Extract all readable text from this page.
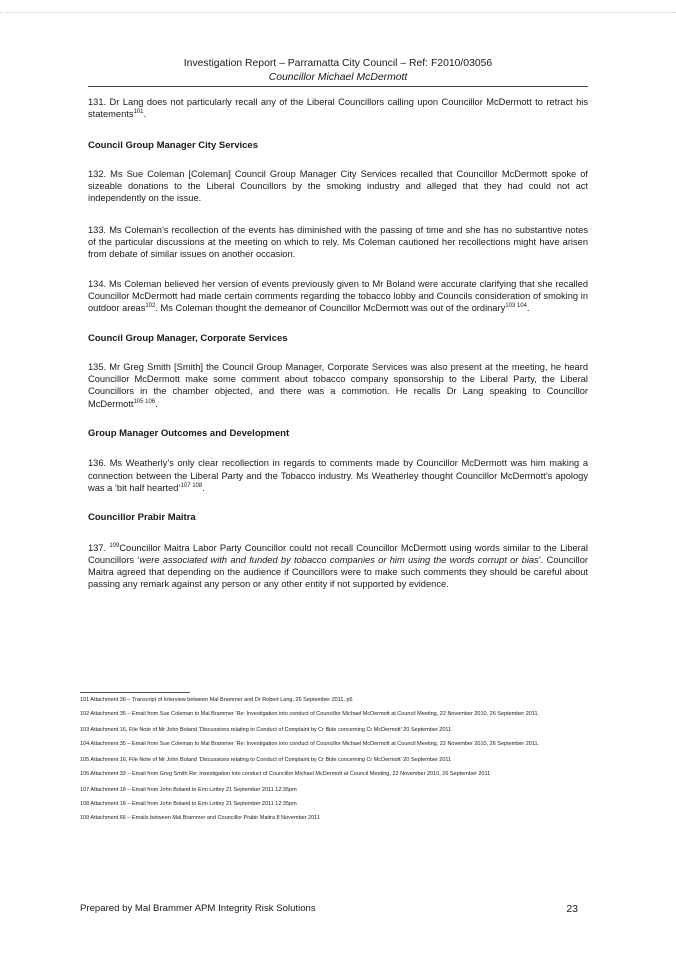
Investigation Report – Parramatta City Council – Ref: F2010/03056
Councillor Michael McDermott

131. Dr Lang does not particularly recall any of the Liberal Councillors calling upon Councillor McDermott to retract his statements$^{101}$.

Council Group Manager City Services

132. Ms Sue Coleman [Coleman] Council Group Manager City Services recalled that Councillor McDermott spoke of sizeable donations to the Liberal Councillors by the smoking industry and alleged that they had could not act independently on the issue.

133. Ms Coleman’s recollection of the events has diminished with the passing of time and she has no substantive notes of the particular discussions at the meeting on which to rely. Ms Coleman cautioned her recollections might have arisen from debate of similar issues on another occasion.

134. Ms Coleman believed her version of events previously given to Mr Boland were accurate clarifying that she recalled Councillor McDermott had made certain comments regarding the tobacco lobby and Councils consideration of smoking in outdoor areas$^{102}$. Ms Coleman thought the demeanor of Councillor McDermott was out of the ordinary$^{103 104}$.

Council Group Manager, Corporate Services

135. Mr Greg Smith [Smith] the Council Group Manager, Corporate Services was also present at the meeting, he heard Councillor McDermott make some comment about tobacco company sponsorship to the Liberal Party, the Liberal Councillors in the chamber objected, and there was a commotion. He recalls Dr Lang speaking to Councillor McDermott$^{105 106}$.

Group Manager Outcomes and Development

136. Ms Weatherly’s only clear recollection in regards to comments made by Councillor McDermott was him making a connection between the Liberal Party and the Tobacco industry. Ms Weatherley thought Councillor McDermott’s apology was a ‘bit half hearted’$^{107 108}$.

Councillor Prabir Maitra

137. $^{109}$Councillor Maitra Labor Party Councillor could not recall Councillor McDermott using words similar to the Liberal Councillors ‘were associated with and funded by tobacco companies or him using the words corrupt or bias’. Councillor Maitra agreed that depending on the audience if Councillors were to make such comments they should be careful about passing any remark against any person or any other entity if not supported by evidence.

101 Attachment 36 – Transcript of Interview between Mal Brammer and Dr Robert Lang, 26 September 2011, p5
102 Attachment 35 – Email from Sue Coleman to Mal Brammer ‘Re: Investigation into conduct of Councillor Michael McDermott at Council Meeting, 22 November 2010, 26 September 2011.
103 Attachment 16, File Note of Mr John Boland ‘Discussions relating to Conduct of Complaint by Cr Bide concerning Cr McDermott’ 20 September 2011
104 Attachment 35 – Email from Sue Coleman to Mal Brammer ‘Re: Investigation into conduct of Councillor Michael McDermott at Council Meeting, 22 November 2010, 26 September 2011.
105 Attachment 16, File Note of Mr John Boland ‘Discussions relating to Conduct of Complaint by Cr Bide concerning Cr McDermott’ 20 September 2011
106 Attachment 33 – Email from Greg Smith Re: Investigation into conduct of Councillor Michael McDermott at Council Meeting, 22 November 2010, 26 September 2011
107 Attachment 18 – Email from John Boland to Erin Lottey 21 September 2011 12:35pm
108 Attachment 18 – Email from John Boland to Erin Lottey 21 September 2011 12:35pm
109 Attachment 66 – Emails between Mal Brammer and Councillor Prabir Maitra 8 November 2011
Prepared by Mal Brammer APM Integrity Risk Solutions	23
